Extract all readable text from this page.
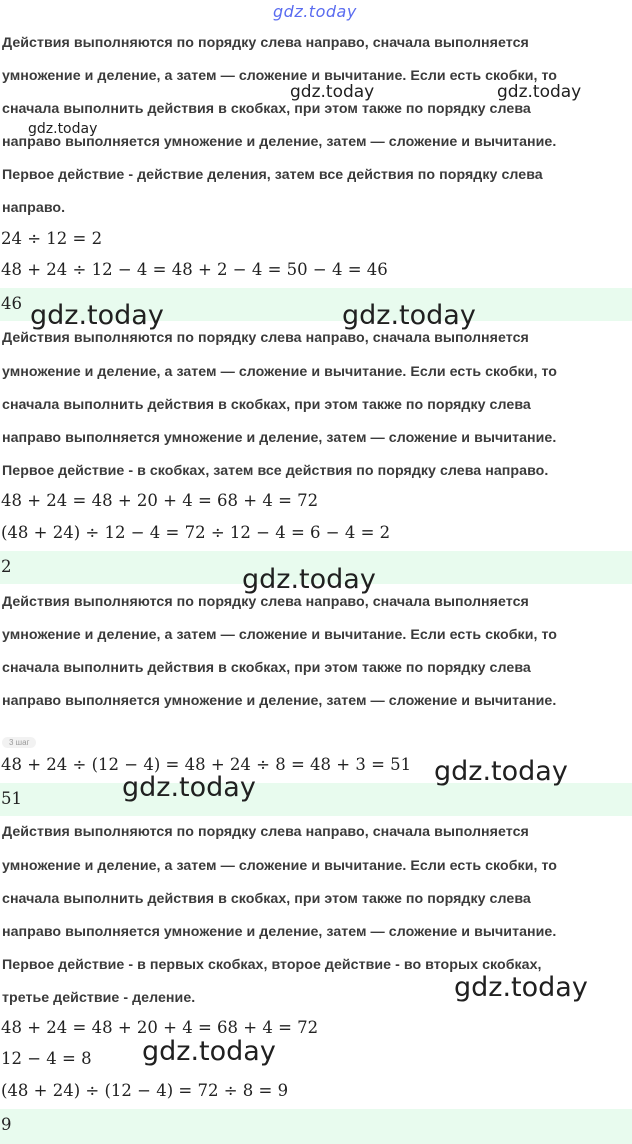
gdz.today
Действия выполняются по порядку слева направо, сначала выполняется
умножение и деление, а затем — сложение и вычитание. Если есть скобки, то
сначала выполнить действия в скобках, при этом также по порядку слева
направо выполняется умножение и деление, затем — сложение и вычитание.
Первое действие - действие деления, затем все действия по порядку слева
направо.
24 ÷ 12 = 2
48 + 24 ÷ 12 − 4 = 48 + 2 − 4 = 50 − 4 = 46
46
Действия выполняются по порядку слева направо, сначала выполняется
умножение и деление, а затем — сложение и вычитание. Если есть скобки, то
сначала выполнить действия в скобках, при этом также по порядку слева
направо выполняется умножение и деление, затем — сложение и вычитание.
Первое действие - в скобках, затем все действия по порядку слева направо.
48 + 24 = 48 + 20 + 4 = 68 + 4 = 72
(48 + 24) ÷ 12 − 4 = 72 ÷ 12 − 4 = 6 − 4 = 2
2
Действия выполняются по порядку слева направо, сначала выполняется
умножение и деление, а затем — сложение и вычитание. Если есть скобки, то
сначала выполнить действия в скобках, при этом также по порядку слева
направо выполняется умножение и деление, затем — сложение и вычитание.
3 шаг
48 + 24 ÷ (12 − 4) = 48 + 24 ÷ 8 = 48 + 3 = 51
51
Действия выполняются по порядку слева направо, сначала выполняется
умножение и деление, а затем — сложение и вычитание. Если есть скобки, то
сначала выполнить действия в скобках, при этом также по порядку слева
направо выполняется умножение и деление, затем — сложение и вычитание.
Первое действие - в первых скобках, второе действие - во вторых скобках,
третье действие - деление.
48 + 24 = 48 + 20 + 4 = 68 + 4 = 72
12 − 4 = 8
(48 + 24) ÷ (12 − 4) = 72 ÷ 8 = 9
9
gdz.today	gdz.today
gdz.today
gdz.today	gdz.today
gdz.today
gdz.today
gdz.today
gdz.today
gdz.today
